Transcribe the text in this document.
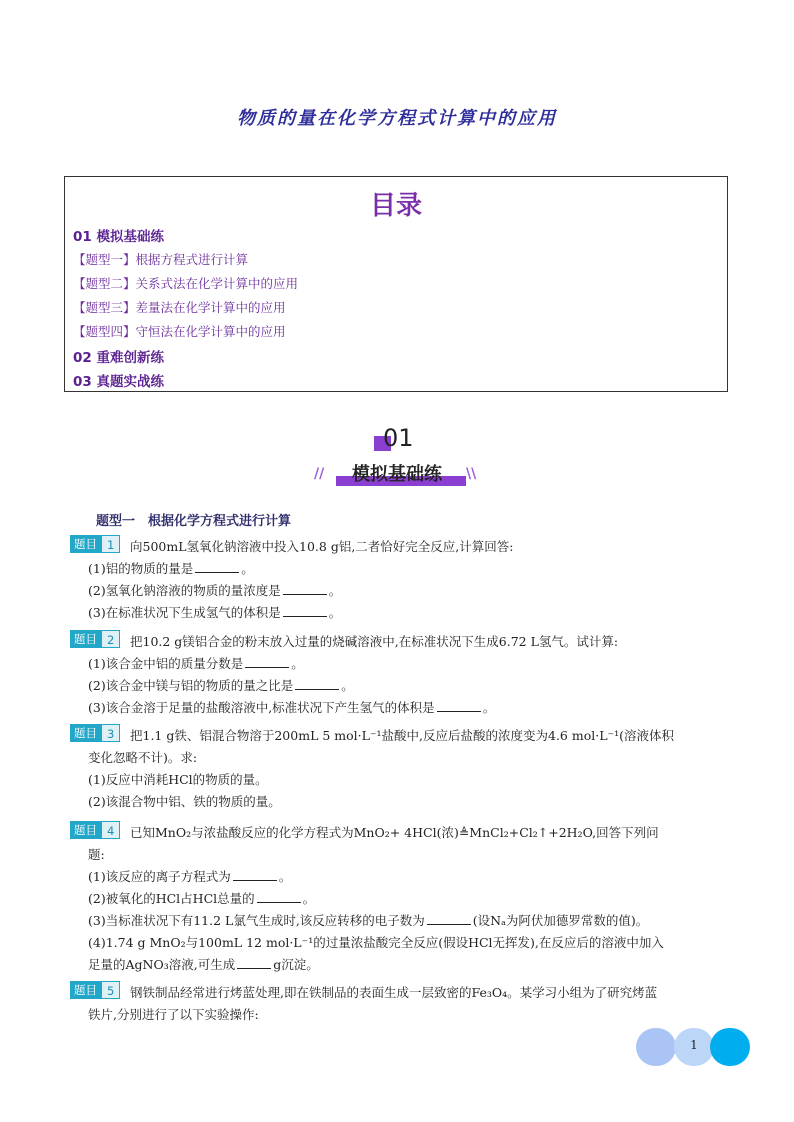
物质的量在化学方程式计算中的应用
目录
01 模拟基础练
【题型一】根据方程式进行计算
【题型二】关系式法在化学计算中的应用
【题型三】差量法在化学计算中的应用
【题型四】守恒法在化学计算中的应用
02 重难创新练
03 真题实战练
01
//	模拟基础练	\\
题型一　根据化学方程式进行计算
题目 1	向500mL氢氧化钠溶液中投入10.8 g铝,二者恰好完全反应,计算回答:
(1)铝的物质的量是	。
(2)氢氧化钠溶液的物质的量浓度是	。
(3)在标准状况下生成氢气的体积是	。
题目 2	把10.2 g镁铝合金的粉末放入过量的烧碱溶液中,在标准状况下生成6.72 L氢气。试计算:
(1)该合金中铝的质量分数是	。
(2)该合金中镁与铝的物质的量之比是	。
(3)该合金溶于足量的盐酸溶液中,标准状况下产生氢气的体积是	。
题目 3	把1.1 g铁、铝混合物溶于200mL 5 mol·L⁻¹盐酸中,反应后盐酸的浓度变为4.6 mol·L⁻¹(溶液体积
变化忽略不计)。求:
(1)反应中消耗HCl的物质的量。
(2)该混合物中铝、铁的物质的量。
题目 4	已知MnO₂与浓盐酸反应的化学方程式为MnO₂+ 4HCl(浓)≜MnCl₂+Cl₂↑+2H₂O,回答下列问
题:
(1)该反应的离子方程式为	。
(2)被氧化的HCl占HCl总量的	。
(3)当标准状况下有11.2 L氯气生成时,该反应转移的电子数为	(设Nₐ为阿伏加德罗常数的值)。
(4)1.74 g MnO₂与100mL 12 mol·L⁻¹的过量浓盐酸完全反应(假设HCl无挥发),在反应后的溶液中加入
足量的AgNO₃溶液,可生成	g沉淀。
题目 5	钢铁制品经常进行烤蓝处理,即在铁制品的表面生成一层致密的Fe₃O₄。某学习小组为了研究烤蓝
铁片,分别进行了以下实验操作:
1
